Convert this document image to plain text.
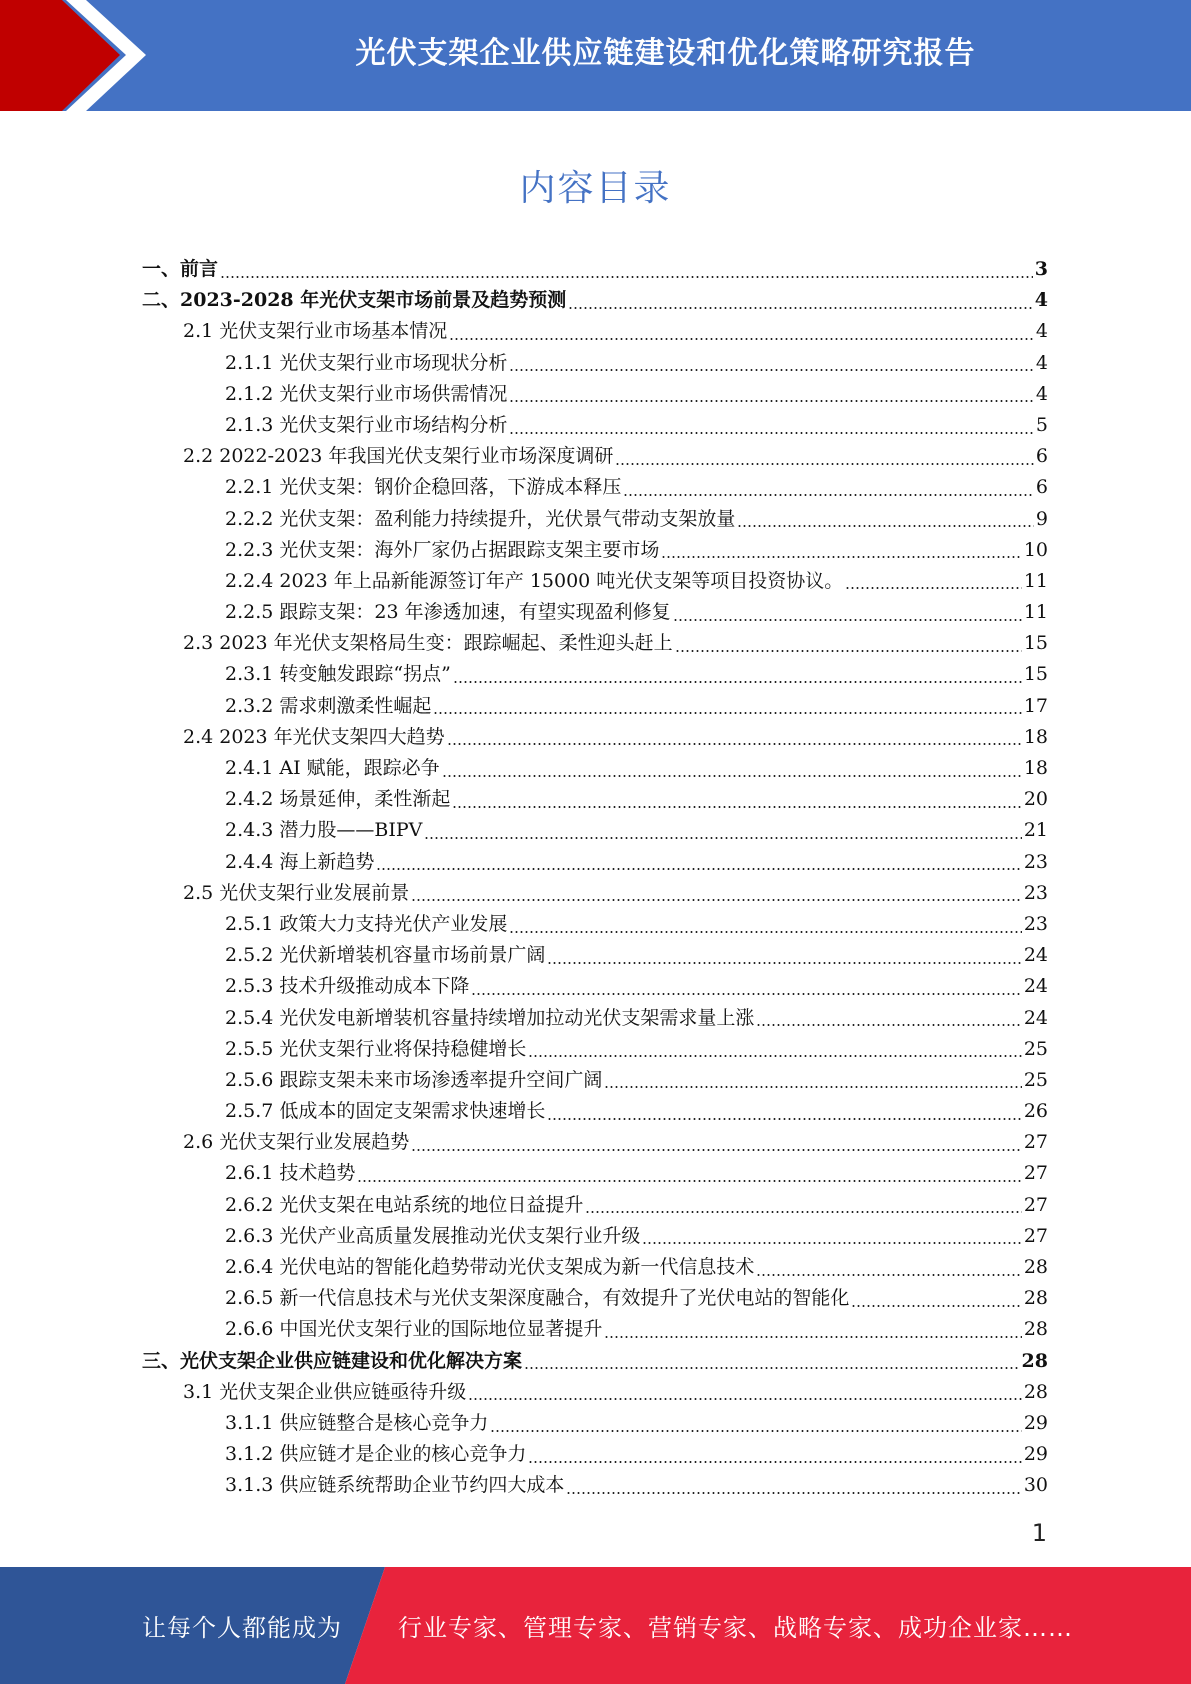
光伏支架企业供应链建设和优化策略研究报告
内容目录
一、前言	3
二、2023-2028 年光伏支架市场前景及趋势预测	4
2.1 光伏支架行业市场基本情况	4
2.1.1 光伏支架行业市场现状分析	4
2.1.2 光伏支架行业市场供需情况	4
2.1.3 光伏支架行业市场结构分析	5
2.2 2022-2023 年我国光伏支架行业市场深度调研	6
2.2.1 光伏支架：钢价企稳回落，下游成本释压	6
2.2.2 光伏支架：盈利能力持续提升，光伏景气带动支架放量	9
2.2.3 光伏支架：海外厂家仍占据跟踪支架主要市场	10
2.2.4 2023 年上品新能源签订年产 15000 吨光伏支架等项目投资协议。	11
2.2.5 跟踪支架：23 年渗透加速，有望实现盈利修复	11
2.3 2023 年光伏支架格局生变：跟踪崛起、柔性迎头赶上	15
2.3.1 转变触发跟踪“拐点”	15
2.3.2 需求刺激柔性崛起	17
2.4 2023 年光伏支架四大趋势	18
2.4.1 AI 赋能，跟踪必争	18
2.4.2 场景延伸，柔性渐起	20
2.4.3 潜力股——BIPV	21
2.4.4 海上新趋势	23
2.5 光伏支架行业发展前景	23
2.5.1 政策大力支持光伏产业发展	23
2.5.2 光伏新增装机容量市场前景广阔	24
2.5.3 技术升级推动成本下降	24
2.5.4 光伏发电新增装机容量持续增加拉动光伏支架需求量上涨	24
2.5.5 光伏支架行业将保持稳健增长	25
2.5.6 跟踪支架未来市场渗透率提升空间广阔	25
2.5.7 低成本的固定支架需求快速增长	26
2.6 光伏支架行业发展趋势	27
2.6.1 技术趋势	27
2.6.2 光伏支架在电站系统的地位日益提升	27
2.6.3 光伏产业高质量发展推动光伏支架行业升级	27
2.6.4 光伏电站的智能化趋势带动光伏支架成为新一代信息技术	28
2.6.5 新一代信息技术与光伏支架深度融合，有效提升了光伏电站的智能化	28
2.6.6 中国光伏支架行业的国际地位显著提升	28
三、光伏支架企业供应链建设和优化解决方案	28
3.1 光伏支架企业供应链亟待升级	28
3.1.1 供应链整合是核心竞争力	29
3.1.2 供应链才是企业的核心竞争力	29
3.1.3 供应链系统帮助企业节约四大成本	30
1
让每个人都能成为 行业专家、管理专家、营销专家、战略专家、成功企业家……
